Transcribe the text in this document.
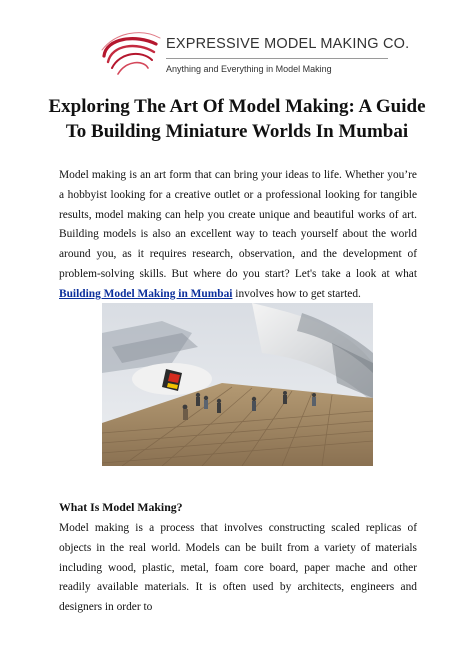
EXPRESSIVE MODEL MAKING CO.
Anything and Everything in Model Making
Exploring The Art Of Model Making: A Guide To Building Miniature Worlds In Mumbai

Model making is an art form that can bring your ideas to life. Whether you’re a hobbyist looking for a creative outlet or a professional looking for tangible results, model making can help you create unique and beautiful works of art. Building models is also an excellent way to teach yourself about the world around you, as it requires research, observation, and the development of problem-solving skills. But where do you start? Let's take a look at what Building Model Making in Mumbai involves how to get started.

What Is Model Making?

Model making is a process that involves constructing scaled replicas of objects in the real world. Models can be built from a variety of materials including wood, plastic, metal, foam core board, paper mache and other readily available materials. It is often used by architects, engineers and designers in order to
